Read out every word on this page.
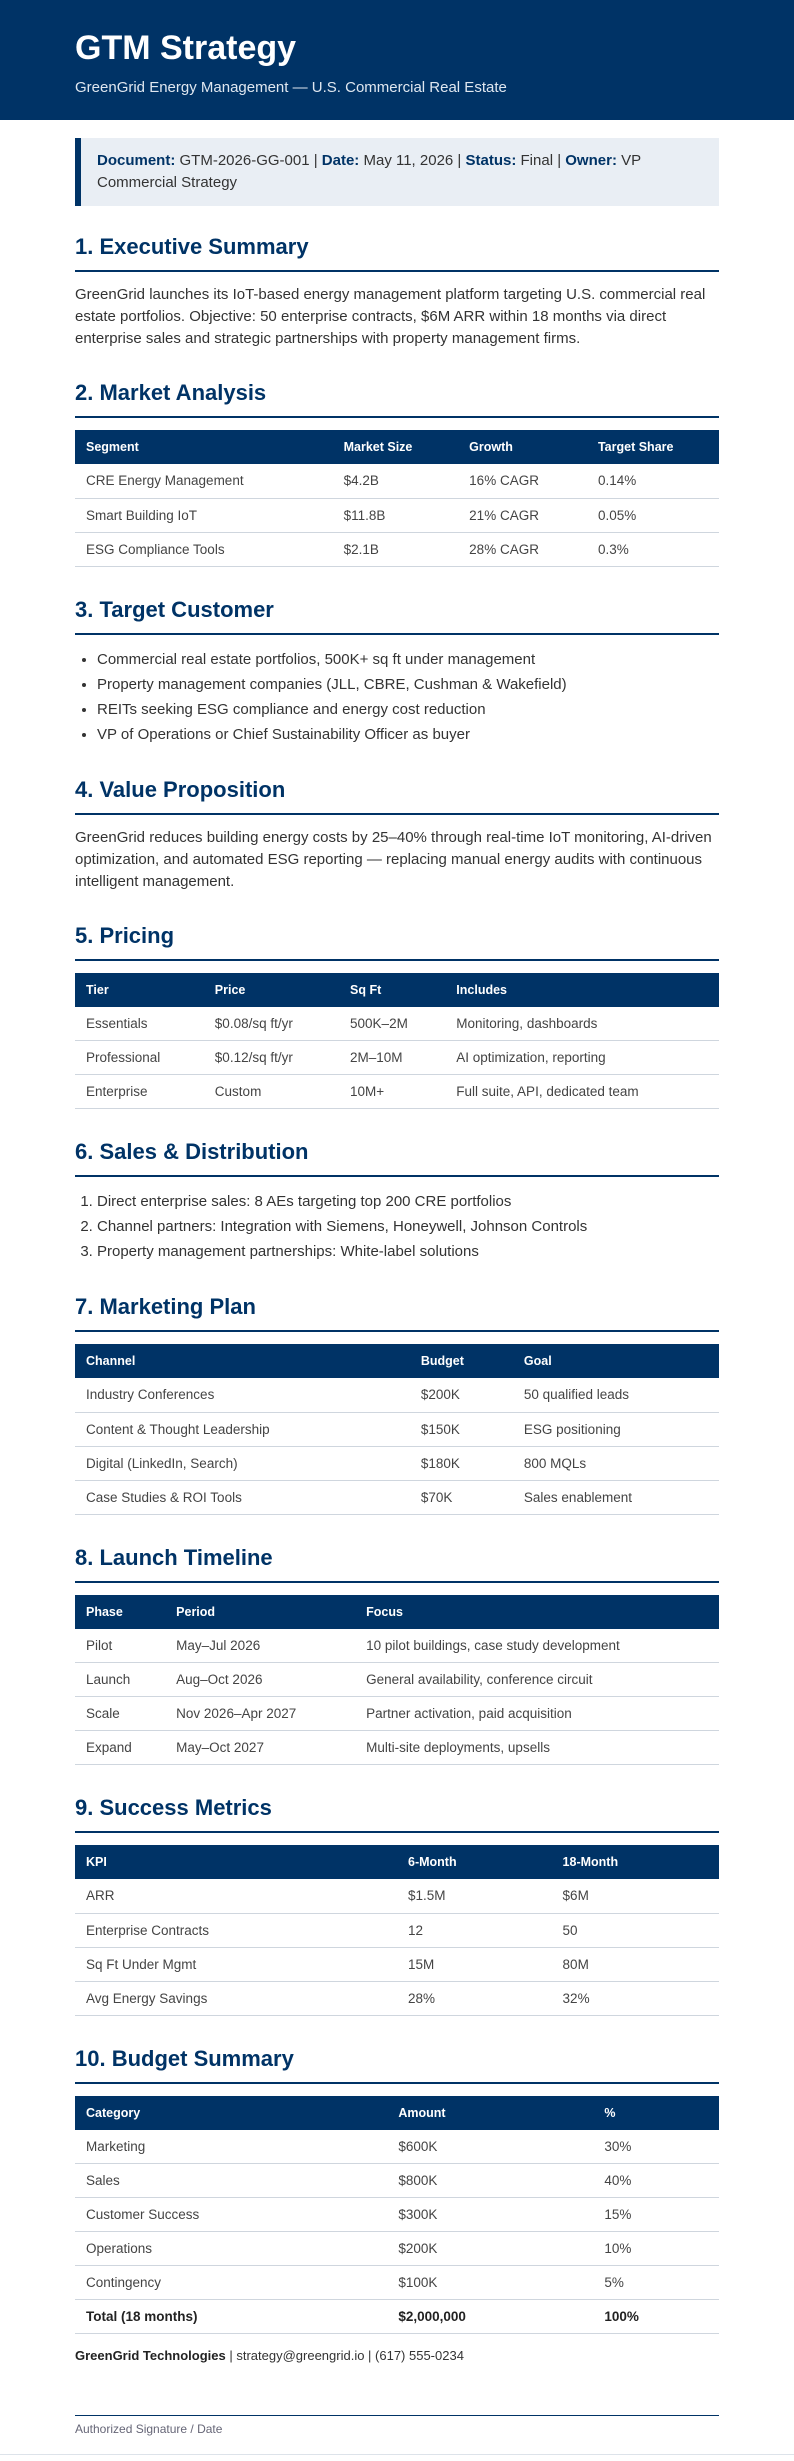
GTM Strategy
GreenGrid Energy Management — U.S. Commercial Real Estate
Document: GTM-2026-GG-001 | Date: May 11, 2026 | Status: Final | Owner: VP Commercial Strategy
1. Executive Summary

GreenGrid launches its IoT-based energy management platform targeting U.S. commercial real estate portfolios. Objective: 50 enterprise contracts, $6M ARR within 18 months via direct enterprise sales and strategic partnerships with property management firms.

2. Market Analysis
Segment	Market Size	Growth	Target Share
CRE Energy Management	$4.2B	16% CAGR	0.14%
Smart Building IoT	$11.8B	21% CAGR	0.05%
ESG Compliance Tools	$2.1B	28% CAGR	0.3%
3. Target Customer
• Commercial real estate portfolios, 500K+ sq ft under management
• Property management companies (JLL, CBRE, Cushman & Wakefield)
• REITs seeking ESG compliance and energy cost reduction
• VP of Operations or Chief Sustainability Officer as buyer
4. Value Proposition

GreenGrid reduces building energy costs by 25–40% through real-time IoT monitoring, AI-driven optimization, and automated ESG reporting — replacing manual energy audits with continuous intelligent management.

5. Pricing
Tier	Price	Sq Ft	Includes
Essentials	$0.08/sq ft/yr	500K–2M	Monitoring, dashboards
Professional	$0.12/sq ft/yr	2M–10M	AI optimization, reporting
Enterprise	Custom	10M+	Full suite, API, dedicated team
6. Sales & Distribution
1. Direct enterprise sales: 8 AEs targeting top 200 CRE portfolios
2. Channel partners: Integration with Siemens, Honeywell, Johnson Controls
3. Property management partnerships: White-label solutions
7. Marketing Plan
Channel	Budget	Goal
Industry Conferences	$200K	50 qualified leads
Content & Thought Leadership	$150K	ESG positioning
Digital (LinkedIn, Search)	$180K	800 MQLs
Case Studies & ROI Tools	$70K	Sales enablement
8. Launch Timeline
Phase	Period	Focus
Pilot	May–Jul 2026	10 pilot buildings, case study development
Launch	Aug–Oct 2026	General availability, conference circuit
Scale	Nov 2026–Apr 2027	Partner activation, paid acquisition
Expand	May–Oct 2027	Multi-site deployments, upsells
9. Success Metrics
KPI	6-Month	18-Month
ARR	$1.5M	$6M
Enterprise Contracts	12	50
Sq Ft Under Mgmt	15M	80M
Avg Energy Savings	28%	32%
10. Budget Summary
Category	Amount	%
Marketing	$600K	30%
Sales	$800K	40%
Customer Success	$300K	15%
Operations	$200K	10%
Contingency	$100K	5%
Total (18 months)	$2,000,000	100%
GreenGrid Technologies | strategy@greengrid.io | (617) 555-0234
Authorized Signature / Date
